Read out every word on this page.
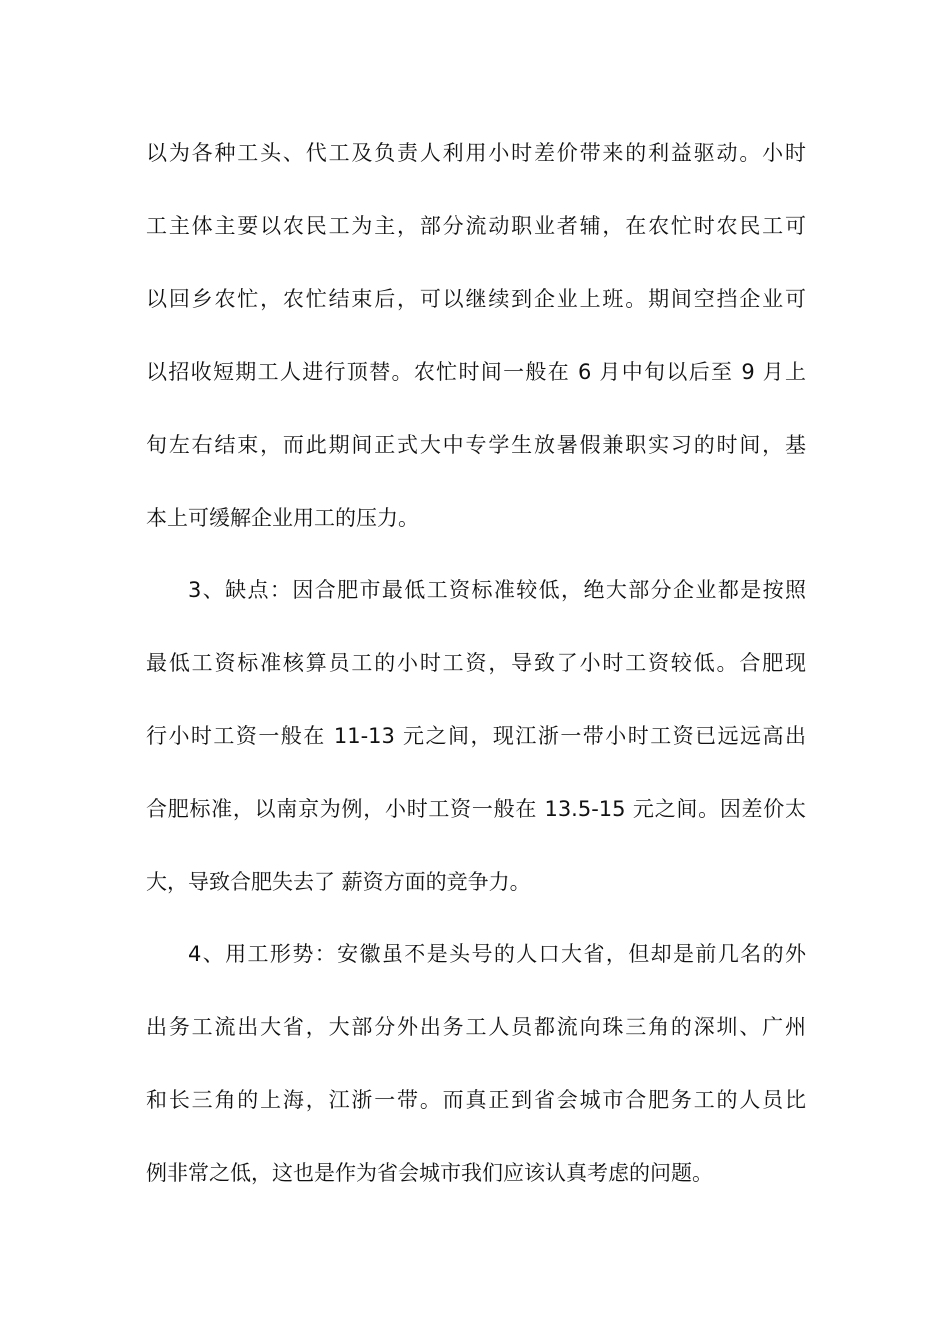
以为各种工头、代工及负责人利用小时差价带来的利益驱动。小时
工主体主要以农民工为主，部分流动职业者辅，在农忙时农民工可
以回乡农忙，农忙结束后，可以继续到企业上班。期间空挡企业可
以招收短期工人进行顶替。农忙时间一般在 6 月中旬以后至 9 月上
旬左右结束，而此期间正式大中专学生放暑假兼职实习的时间，基
本上可缓解企业用工的压力。
3、缺点：因合肥市最低工资标准较低，绝大部分企业都是按照
最低工资标准核算员工的小时工资，导致了小时工资较低。合肥现
行小时工资一般在 11-13 元之间，现江浙一带小时工资已远远高出
合肥标准，以南京为例，小时工资一般在 13.5-15 元之间。因差价太
大，导致合肥失去了 薪资方面的竞争力。
4、用工形势：安徽虽不是头号的人口大省，但却是前几名的外
出务工流出大省，大部分外出务工人员都流向珠三角的深圳、广州
和长三角的上海，江浙一带。而真正到省会城市合肥务工的人员比
例非常之低，这也是作为省会城市我们应该认真考虑的问题。
